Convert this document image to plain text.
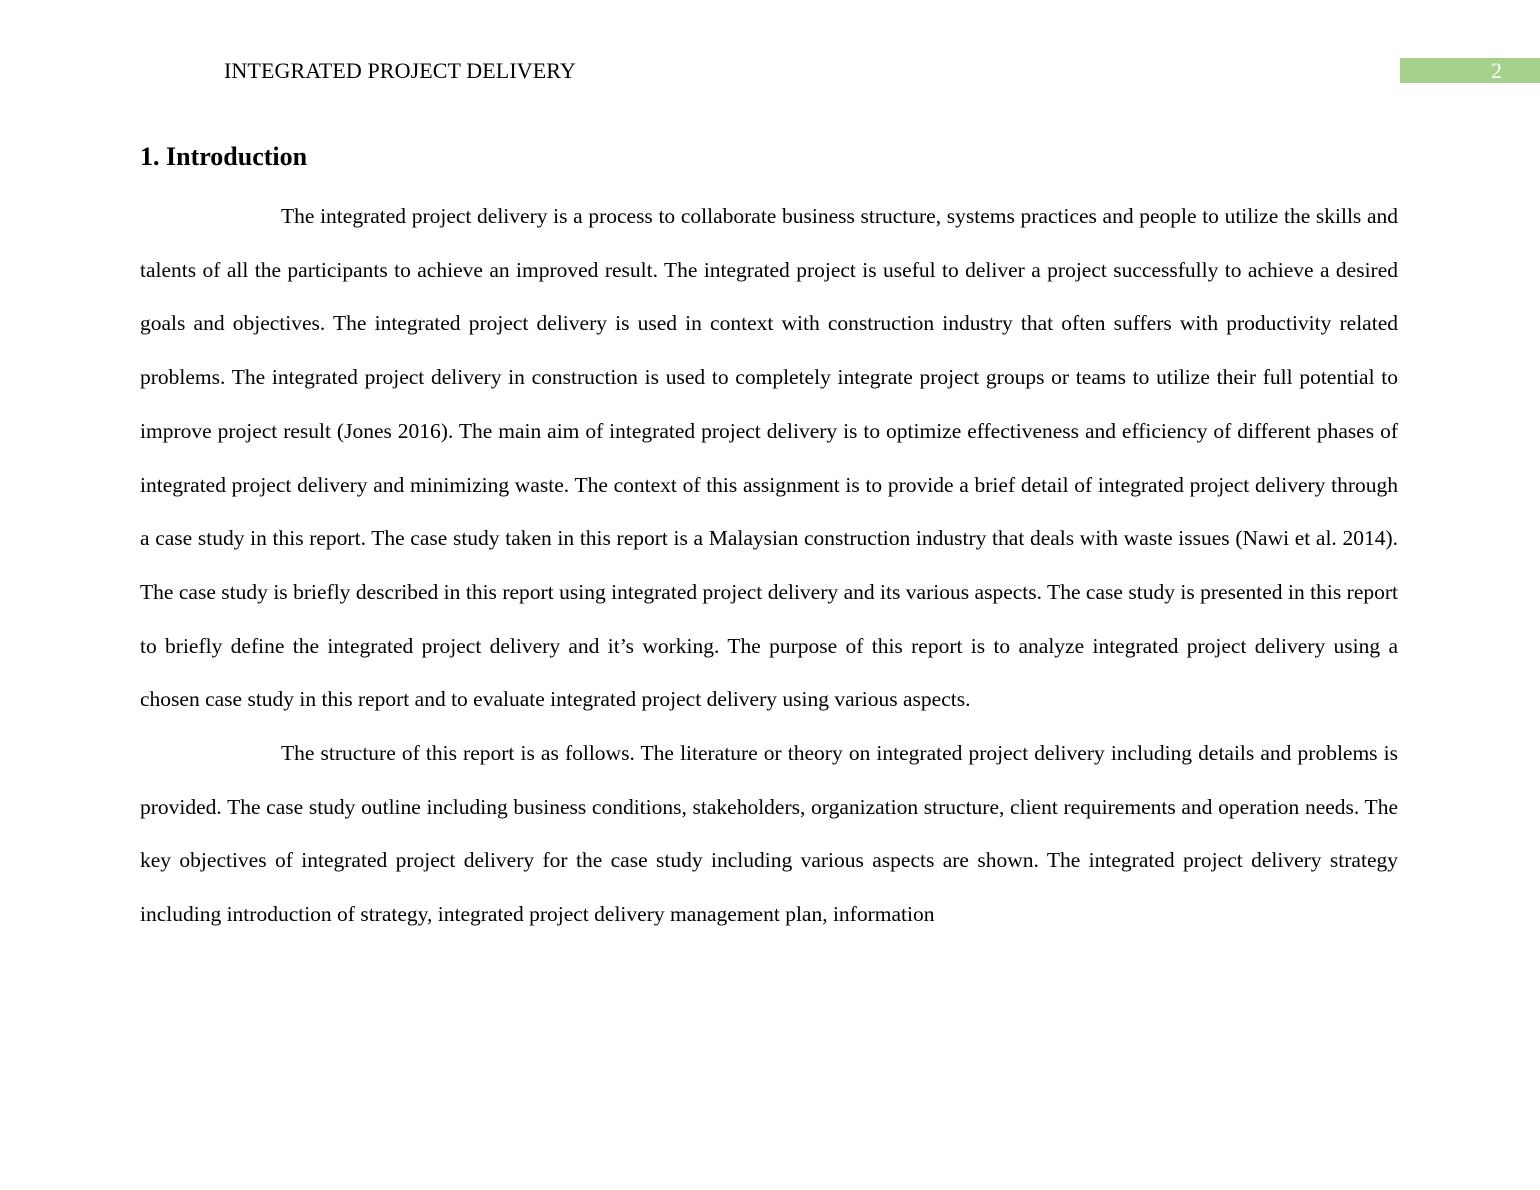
INTEGRATED PROJECT DELIVERY	2
1. Introduction

The integrated project delivery is a process to collaborate business structure, systems practices and people to utilize the skills and talents of all the participants to achieve an improved result. The integrated project is useful to deliver a project successfully to achieve a desired goals and objectives. The integrated project delivery is used in context with construction industry that often suffers with productivity related problems. The integrated project delivery in construction is used to completely integrate project groups or teams to utilize their full potential to improve project result (Jones 2016). The main aim of integrated project delivery is to optimize effectiveness and efficiency of different phases of integrated project delivery and minimizing waste. The context of this assignment is to provide a brief detail of integrated project delivery through a case study in this report. The case study taken in this report is a Malaysian construction industry that deals with waste issues (Nawi et al. 2014). The case study is briefly described in this report using integrated project delivery and its various aspects. The case study is presented in this report to briefly define the integrated project delivery and it’s working. The purpose of this report is to analyze integrated project delivery using a chosen case study in this report and to evaluate integrated project delivery using various aspects.

The structure of this report is as follows. The literature or theory on integrated project delivery including details and problems is provided. The case study outline including business conditions, stakeholders, organization structure, client requirements and operation needs. The key objectives of integrated project delivery for the case study including various aspects are shown. The integrated project delivery strategy including introduction of strategy, integrated project delivery management plan, information
